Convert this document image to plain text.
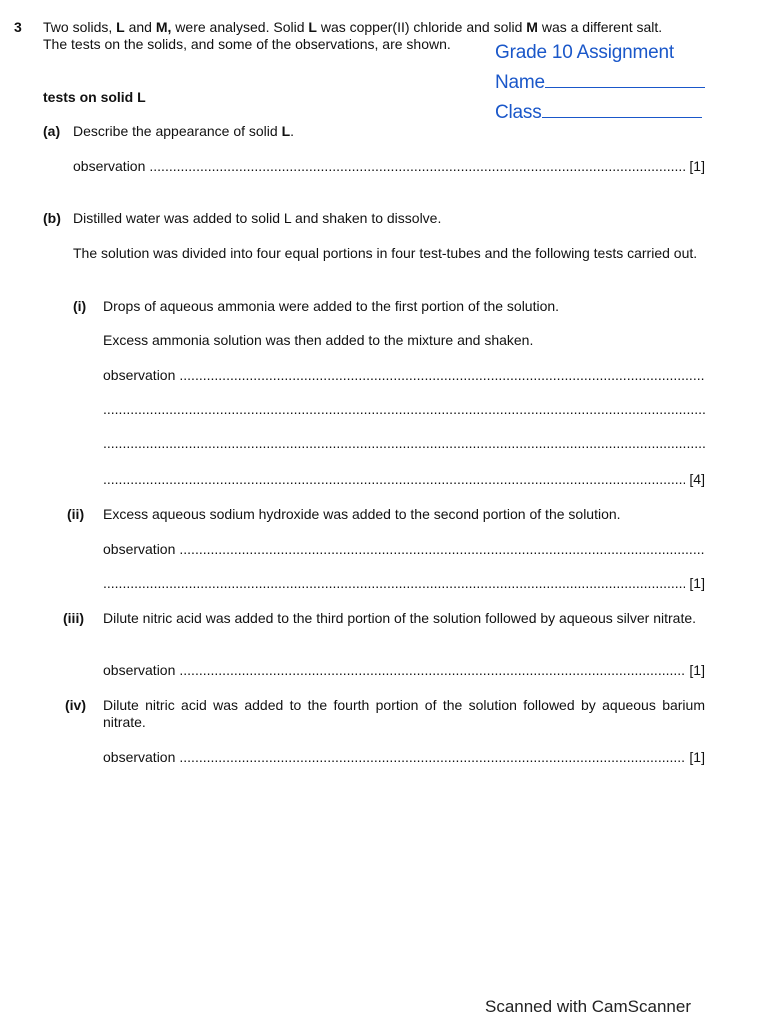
3 Two solids, L and M, were analysed. Solid L was copper(II) chloride and solid M was a different salt.
The tests on the solids, and some of the observations, are shown.	Grade 10 Assignment
Name
Class
tests on solid L
(a) Describe the appearance of solid L.
observation .....	[1]
(b) Distilled water was added to solid L and shaken to dissolve.
The solution was divided into four equal portions in four test-tubes and the following tests carried out.
(i) Drops of aqueous ammonia were added to the first portion of the solution.
Excess ammonia solution was then added to the mixture and shaken.
observation
.....
.....
.....
.....
[4]
(ii) Excess aqueous sodium hydroxide was added to the second portion of the solution.
observation
.....
.....
[1]
(iii) Dilute nitric acid was added to the third portion of the solution followed by aqueous silver nitrate.
observation .....	[1]
(iv) Dilute nitric acid was added to the fourth portion of the solution followed by aqueous barium nitrate.
observation .....	[1]
Scanned with CamScanner
